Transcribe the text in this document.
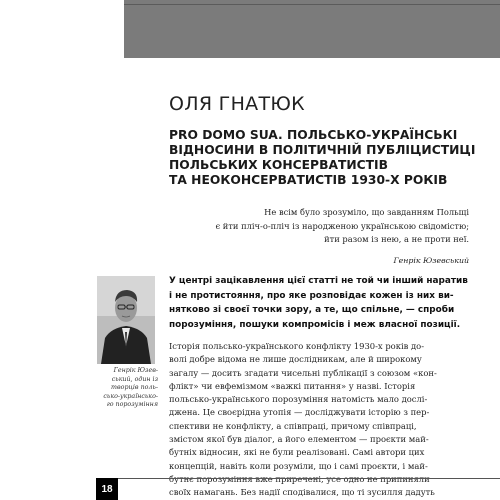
ОЛЯ ГНАТЮК
PRO DOMO SUA. ПОЛЬСЬКО-УКРАЇНСЬКІ
ВІДНОСИНИ В ПОЛІТИЧНІЙ ПУБЛІЦИСТИЦІ
ПОЛЬСЬКИХ КОНСЕРВАТИСТІВ
ТА НЕОКОНСЕРВАТИСТІВ 1930-Х РОКІВ
Не всім було зрозуміло, що завданням Польщі
є йти пліч-о-пліч із народженою українською свідомістю;
йти разом із нею, а не проти неї.
Генрік Юзевський
У центрі зацікавлення цієї статті не той чи інший наратив
і не протистояння, про яке розповідає кожен із них ви-
нятково зі своєї точки зору, а те, що спільне, — спроби
порозуміння, пошуки компромісів і меж власної позиції.
Генрік Юзев-
ський, один із
творців поль-
сько-українсько-
го порозуміння
Історія польсько-українського конфлікту 1930-х років до-
волі добре відома не лише дослідникам, але й широкому
загалу — досить згадати чисельні публікації з союзом «кон-
флікт» чи евфемізмом «важкі питання» у назві. Історія
польсько-українського порозуміння натомість мало дослі-
джена. Це своєрідна утопія — досліджувати історію з пер-
спективи не конфлікту, а співпраці, причому співпраці,
змістом якої був діалог, а його елементом — проєкти май-
бутніх відносин, які не були реалізовані. Самі автори цих
концепцій, навіть коли розуміли, що і самі проєкти, і май-
своїх намагань. Без надії сподівалися, що ті зусилля дадуть
18
